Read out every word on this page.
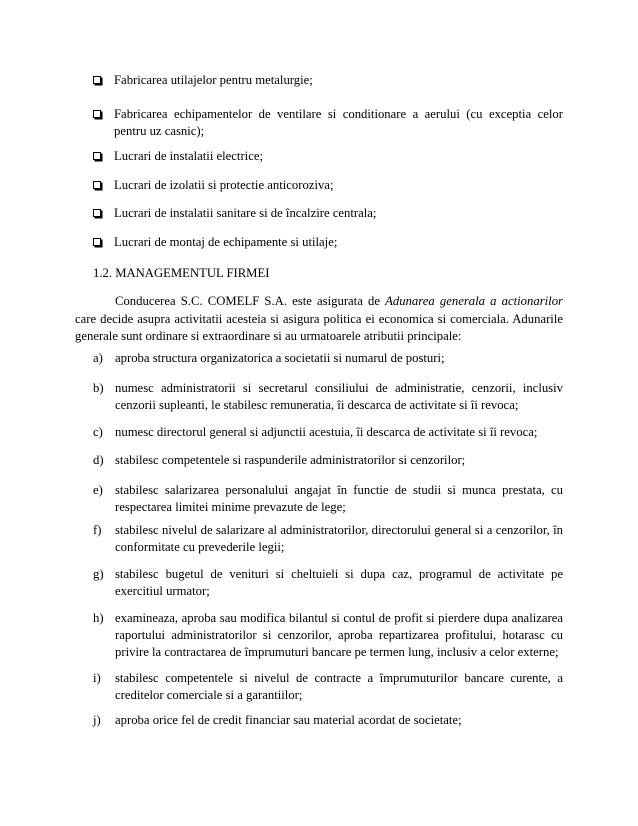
Fabricarea utilajelor pentru metalurgie;
Fabricarea echipamentelor de ventilare si conditionare a aerului (cu exceptia celor pentru uz casnic);
Lucrari de instalatii electrice;
Lucrari de izolatii si protectie anticoroziva;
Lucrari de instalatii sanitare si de încalzire centrala;
Lucrari de montaj de echipamente si utilaje;
1.2. MANAGEMENTUL FIRMEI

Conducerea S.C. COMELF S.A. este asigurata de Adunarea generala a actionarilor care decide asupra activitatii acesteia si asigura politica ei economica si comerciala. Adunarile generale sunt ordinare si extraordinare si au urmatoarele atributii principale:

a) aproba structura organizatorica a societatii si numarul de posturi;
b) numesc administratorii si secretarul consiliului de administratie, cenzorii, inclusiv cenzorii supleanti, le stabilesc remuneratia, îi descarca de activitate si îi revoca;
c) numesc directorul general si adjunctii acestuia, îi descarca de activitate si îi revoca;
d) stabilesc competentele si raspunderile administratorilor si cenzorilor;
e) stabilesc salarizarea personalului angajat în functie de studii si munca prestata, cu respectarea limitei minime prevazute de lege;
f) stabilesc nivelul de salarizare al administratorilor, directorului general si a cenzorilor, în conformitate cu prevederile legii;
g) stabilesc bugetul de venituri si cheltuieli si dupa caz, programul de activitate pe exercitiul urmator;
h) examineaza, aproba sau modifica bilantul si contul de profit si pierdere dupa analizarea raportului administratorilor si cenzorilor, aproba repartizarea profitului, hotarasc cu privire la contractarea de împrumuturi bancare pe termen lung, inclusiv a celor externe;
i) stabilesc competentele si nivelul de contracte a împrumuturilor bancare curente, a creditelor comerciale si a garantiilor;
j) aproba orice fel de credit financiar sau material acordat de societate;
